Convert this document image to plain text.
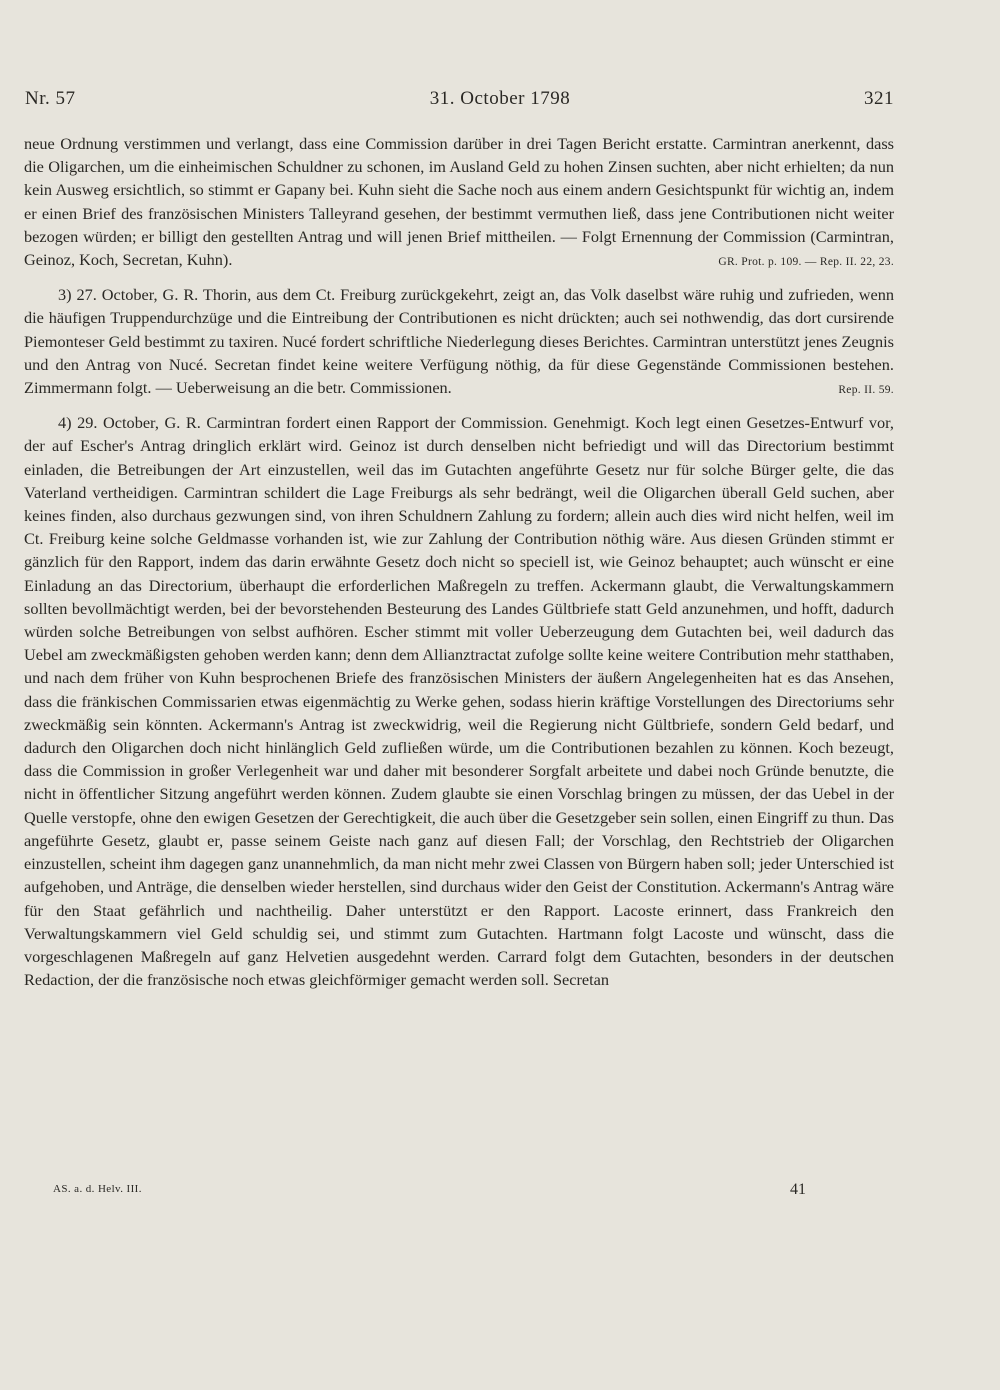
Nr. 57	31. October 1798	321

neue Ordnung verstimmen und verlangt, dass eine Commission darüber in drei Tagen Bericht erstatte. Carmintran anerkennt, dass die Oligarchen, um die einheimischen Schuldner zu schonen, im Ausland Geld zu hohen Zinsen suchten, aber nicht erhielten; da nun kein Ausweg ersichtlich, so stimmt er Gapany bei. Kuhn sieht die Sache noch aus einem andern Gesichtspunkt für wichtig an, indem er einen Brief des französischen Ministers Talleyrand gesehen, der bestimmt vermuthen ließ, dass jene Contributionen nicht weiter bezogen würden; er billigt den gestellten Antrag und will jenen Brief mittheilen. — Folgt Ernennung der Commission (Carmintran, Geinoz, Koch, Secretan, Kuhn).	GR. Prot. p. 109. — Rep. II. 22, 23.

3) 27. October, G. R. Thorin, aus dem Ct. Freiburg zurückgekehrt, zeigt an, das Volk daselbst wäre ruhig und zufrieden, wenn die häufigen Truppendurchzüge und die Eintreibung der Contributionen es nicht drückten; auch sei nothwendig, das dort cursirende Piemonteser Geld bestimmt zu taxiren. Nucé fordert schriftliche Niederlegung dieses Berichtes. Carmintran unterstützt jenes Zeugnis und den Antrag von Nucé. Secretan findet keine weitere Verfügung nöthig, da für diese Gegenstände Commissionen bestehen. Zimmermann folgt. — Ueberweisung an die betr. Commissionen.	Rep. II. 59.

4) 29. October, G. R. Carmintran fordert einen Rapport der Commission. Genehmigt. Koch legt einen Gesetzes-Entwurf vor, der auf Escher's Antrag dringlich erklärt wird. Geinoz ist durch denselben nicht befriedigt und will das Directorium bestimmt einladen, die Betreibungen der Art einzustellen, weil das im Gutachten angeführte Gesetz nur für solche Bürger gelte, die das Vaterland vertheidigen. Carmintran schildert die Lage Freiburgs als sehr bedrängt, weil die Oligarchen überall Geld suchen, aber keines finden, also durchaus gezwungen sind, von ihren Schuldnern Zahlung zu fordern; allein auch dies wird nicht helfen, weil im Ct. Freiburg keine solche Geldmasse vorhanden ist, wie zur Zahlung der Contribution nöthig wäre. Aus diesen Gründen stimmt er gänzlich für den Rapport, indem das darin erwähnte Gesetz doch nicht so speciell ist, wie Geinoz behauptet; auch wünscht er eine Einladung an das Directorium, überhaupt die erforderlichen Maßregeln zu treffen. Ackermann glaubt, die Verwaltungskammern sollten bevollmächtigt werden, bei der bevorstehenden Besteurung des Landes Gültbriefe statt Geld anzunehmen, und hofft, dadurch würden solche Betreibungen von selbst aufhören. Escher stimmt mit voller Ueberzeugung dem Gutachten bei, weil dadurch das Uebel am zweckmäßigsten gehoben werden kann; denn dem Allianztractat zufolge sollte keine weitere Contribution mehr statthaben, und nach dem früher von Kuhn besprochenen Briefe des französischen Ministers der äußern Angelegenheiten hat es das Ansehen, dass die fränkischen Commissarien etwas eigenmächtig zu Werke gehen, sodass hierin kräftige Vorstellungen des Directoriums sehr zweckmäßig sein könnten. Ackermann's Antrag ist zweckwidrig, weil die Regierung nicht Gültbriefe, sondern Geld bedarf, und dadurch den Oligarchen doch nicht hinlänglich Geld zufließen würde, um die Contributionen bezahlen zu können. Koch bezeugt, dass die Commission in großer Verlegenheit war und daher mit besonderer Sorgfalt arbeitete und dabei noch Gründe benutzte, die nicht in öffentlicher Sitzung angeführt werden können. Zudem glaubte sie einen Vorschlag bringen zu müssen, der das Uebel in der Quelle verstopfe, ohne den ewigen Gesetzen der Gerechtigkeit, die auch über die Gesetzgeber sein sollen, einen Eingriff zu thun. Das angeführte Gesetz, glaubt er, passe seinem Geiste nach ganz auf diesen Fall; der Vorschlag, den Rechtstrieb der Oligarchen einzustellen, scheint ihm dagegen ganz unannehmlich, da man nicht mehr zwei Classen von Bürgern haben soll; jeder Unterschied ist aufgehoben, und Anträge, die denselben wieder herstellen, sind durchaus wider den Geist der Constitution. Ackermann's Antrag wäre für den Staat gefährlich und nachtheilig. Daher unterstützt er den Rapport. Lacoste erinnert, dass Frankreich den Verwaltungskammern viel Geld schuldig sei, und stimmt zum Gutachten. Hartmann folgt Lacoste und wünscht, dass die vorgeschlagenen Maßregeln auf ganz Helvetien ausgedehnt werden. Carrard folgt dem Gutachten, besonders in der deutschen Redaction, der die französische noch etwas gleichförmiger gemacht werden soll. Secretan

AS. a. d. Helv. III.	41
